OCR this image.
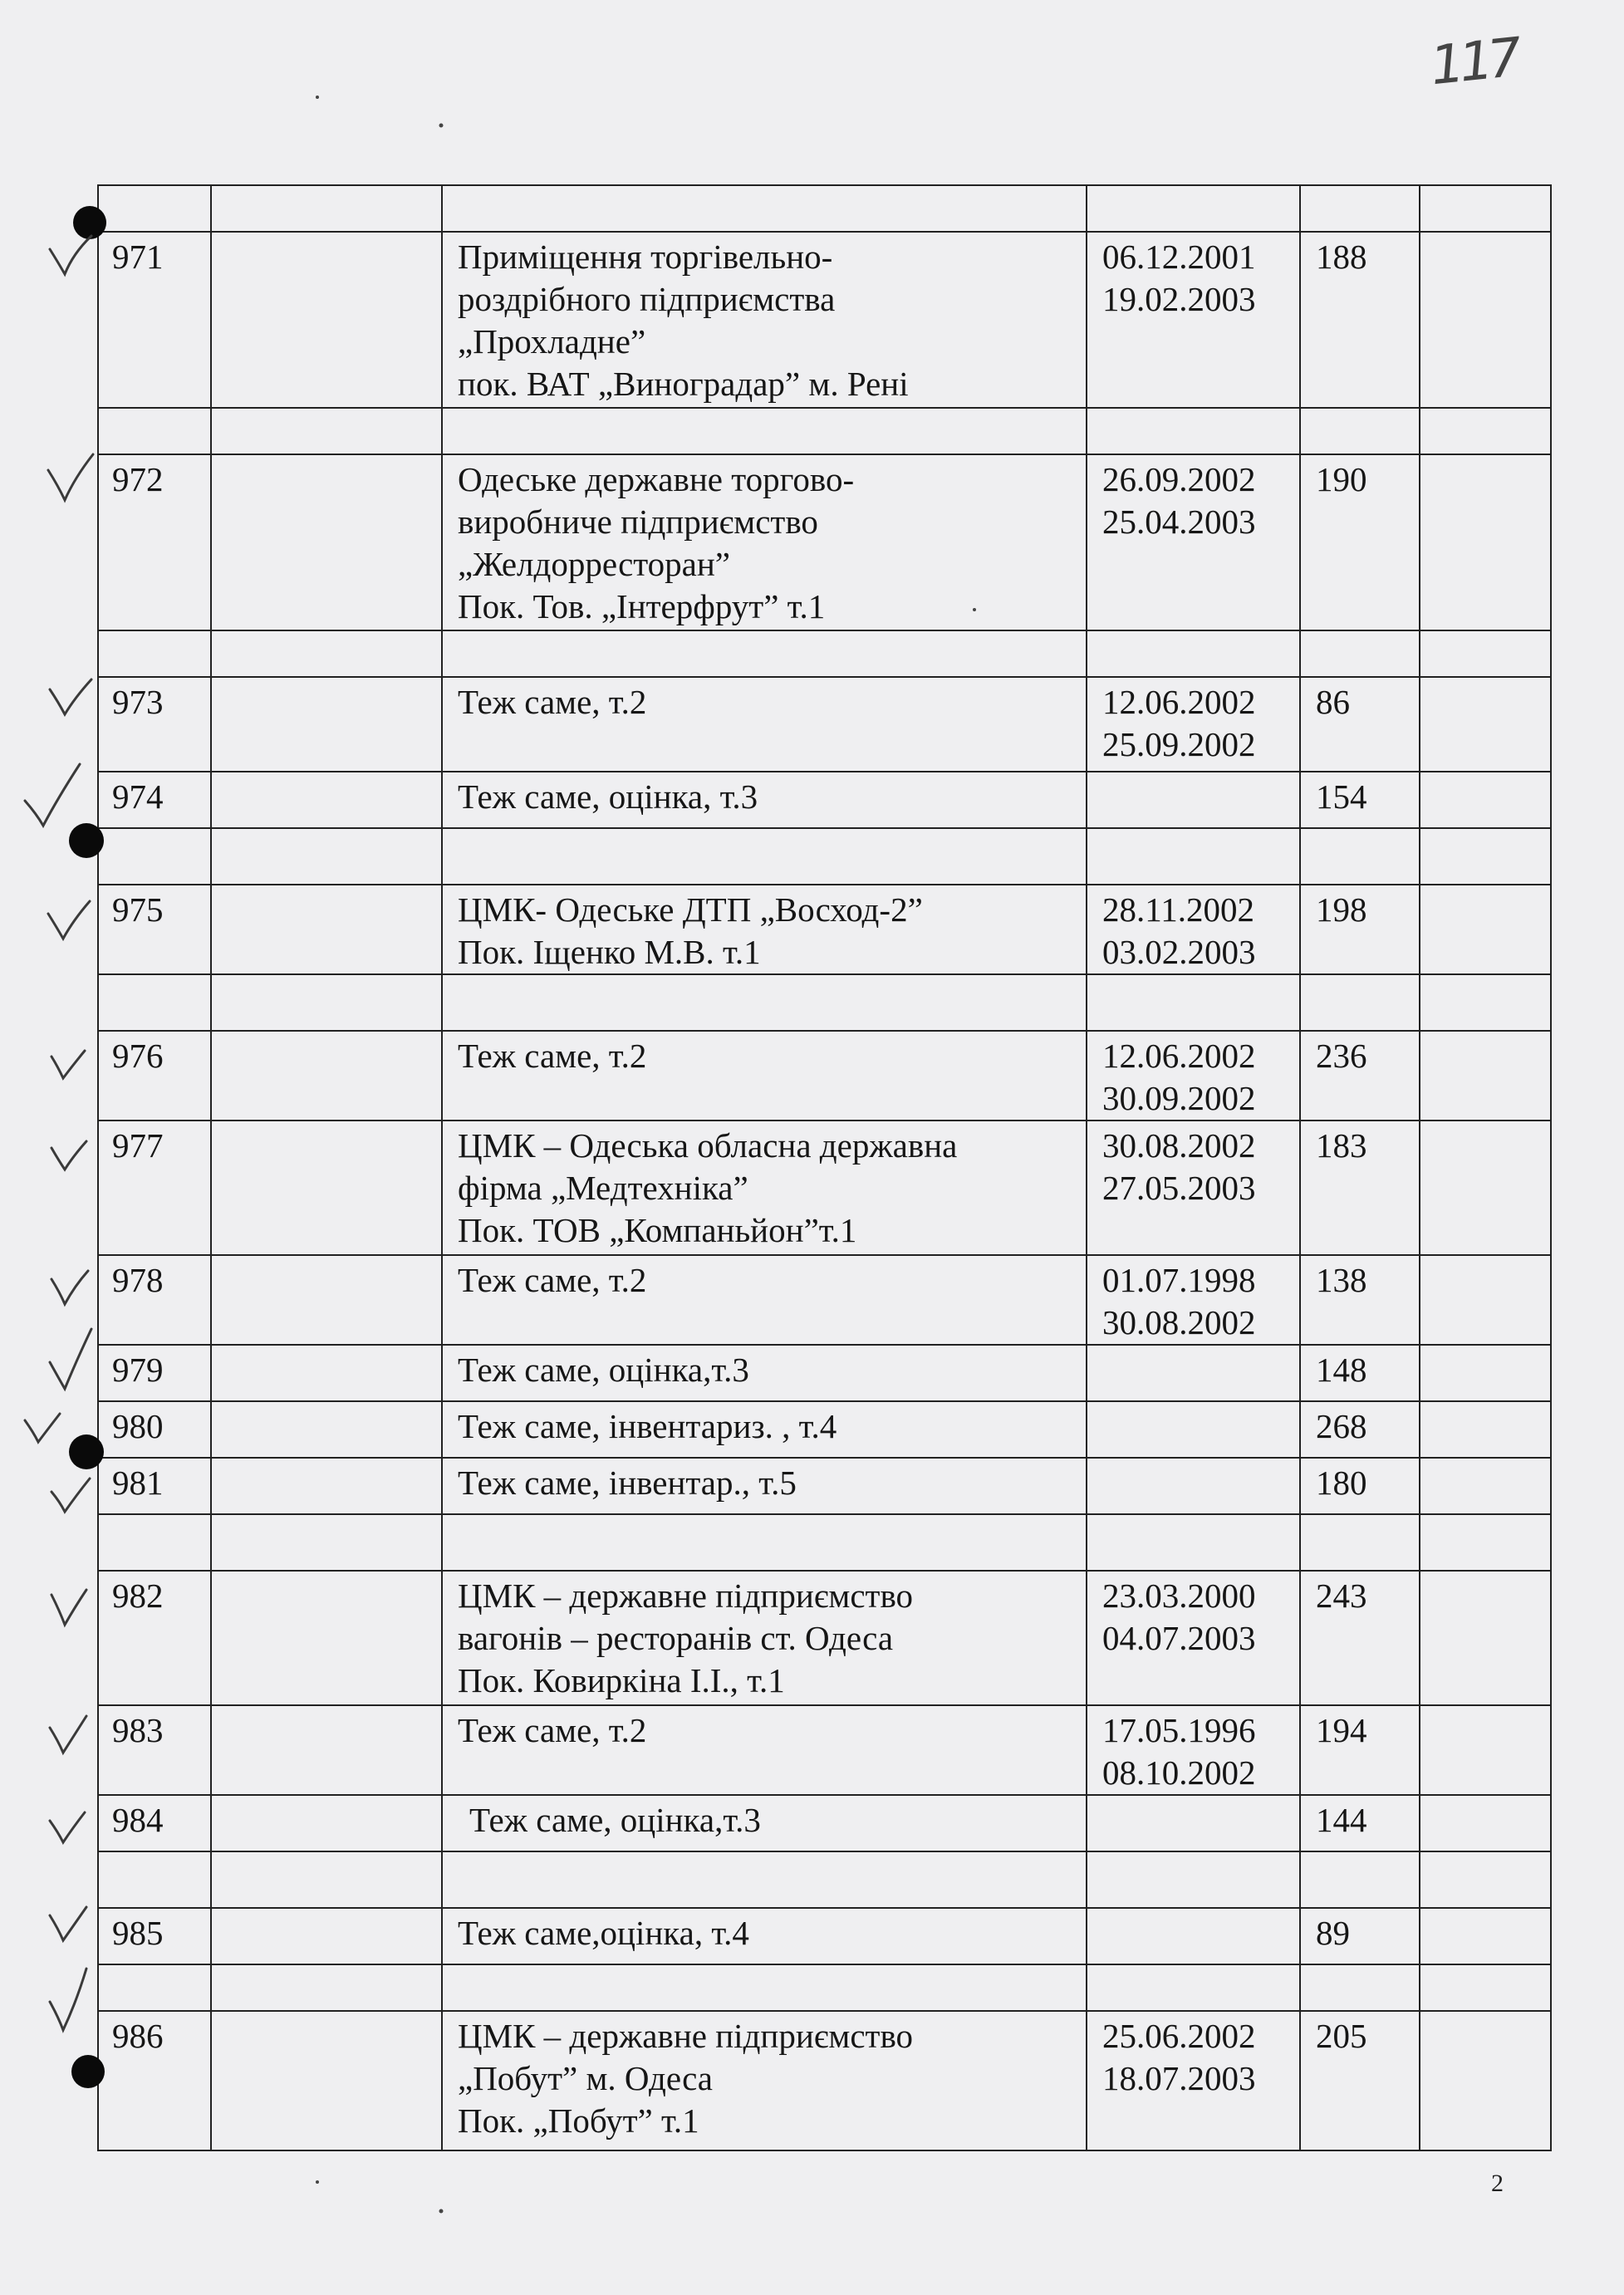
117

971		Приміщення торгівельно-
роздрібного підприємства
„Прохладне”
пок. ВАТ „Виноградар” м. Рені	06.12.2001
19.02.2003	188	

972		Одеське державне торгово-
виробниче підприємство
„Желдорресторан”
Пок. Тов. „Інтерфрут” т.1	26.09.2002
25.04.2003	190	

973		Теж саме, т.2	12.06.2002
25.09.2002	86	
974		Теж саме, оцінка, т.3		154	

975		ЦМК- Одеське ДТП „Восход-2”
Пок. Іщенко М.В. т.1	28.11.2002
03.02.2003	198	

976		Теж саме, т.2	12.06.2002
30.09.2002	236	
977		ЦМК – Одеська обласна державна
фірма „Медтехніка”
Пок. ТОВ „Компаньйон”т.1	30.08.2002
27.05.2003	183	
978		Теж саме, т.2	01.07.1998
30.08.2002	138	
979		Теж саме, оцінка,т.3		148	
980		Теж саме, інвентариз. , т.4		268	
981		Теж саме, інвентар., т.5		180	

982		ЦМК – державне підприємство
вагонів – ресторанів ст. Одеса
Пок. Ковиркіна І.І., т.1	23.03.2000
04.07.2003	243	
983		Теж саме, т.2	17.05.1996
08.10.2002	194	
984		Теж саме, оцінка,т.3		144	

985		Теж саме,оцінка, т.4		89	

986		ЦМК – державне підприємство
„Побут” м. Одеса
Пок. „Побут” т.1	25.06.2002
18.07.2003	205	
2
